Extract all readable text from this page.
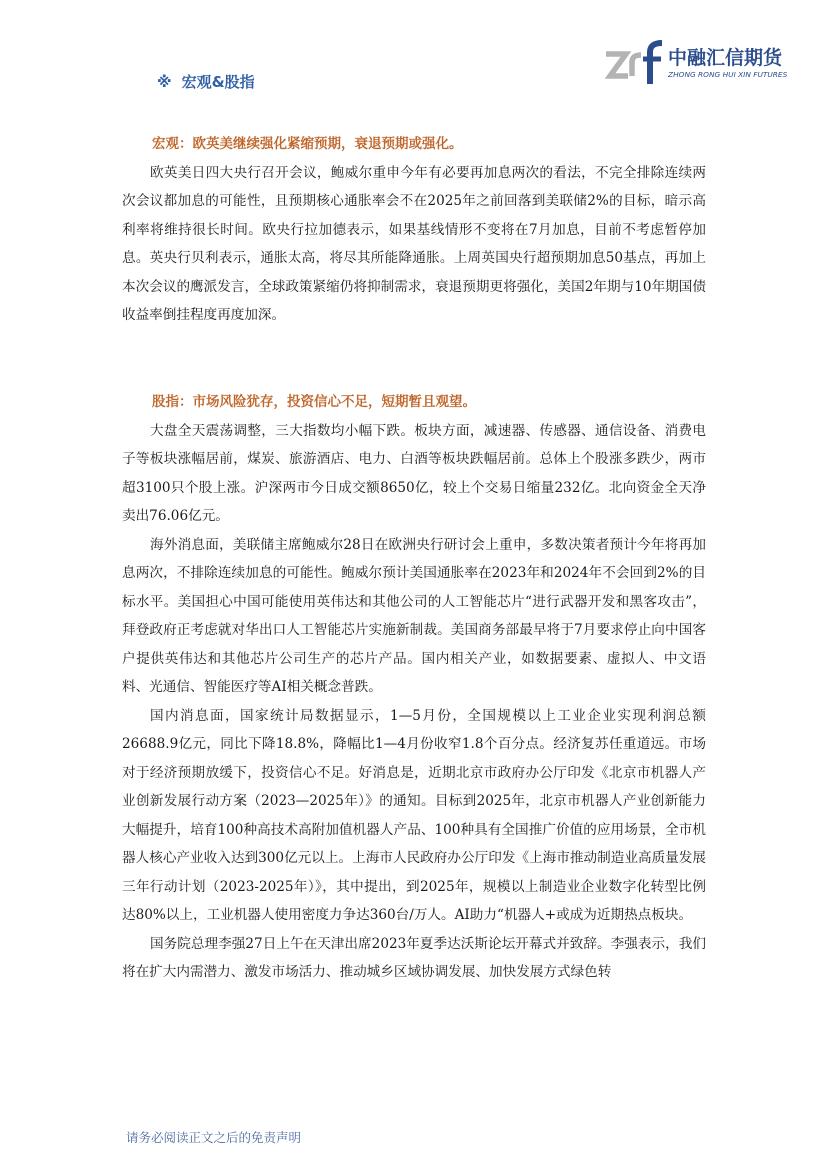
中融汇信期货
ZHONG RONG HUI XIN FUTURES
※ 宏观&股指

宏观：欧英美继续强化紧缩预期，衰退预期或强化。

欧英美日四大央行召开会议，鲍威尔重申今年有必要再加息两次的看法，不完全排除连续两次会议都加息的可能性，且预期核心通胀率会不在2025年之前回落到美联储2%的目标，暗示高利率将维持很长时间。欧央行拉加德表示，如果基线情形不变将在7月加息，目前不考虑暂停加息。英央行贝利表示，通胀太高，将尽其所能降通胀。上周英国央行超预期加息50基点，再加上本次会议的鹰派发言，全球政策紧缩仍将抑制需求，衰退预期更将强化，美国2年期与10年期国债收益率倒挂程度再度加深。

股指：市场风险犹存，投资信心不足，短期暂且观望。

大盘全天震荡调整，三大指数均小幅下跌。板块方面，减速器、传感器、通信设备、消费电子等板块涨幅居前，煤炭、旅游酒店、电力、白酒等板块跌幅居前。总体上个股涨多跌少，两市超3100只个股上涨。沪深两市今日成交额8650亿，较上个交易日缩量232亿。北向资金全天净卖出76.06亿元。

海外消息面，美联储主席鲍威尔28日在欧洲央行研讨会上重申，多数决策者预计今年将再加息两次，不排除连续加息的可能性。鲍威尔预计美国通胀率在2023年和2024年不会回到2%的目标水平。美国担心中国可能使用英伟达和其他公司的人工智能芯片“进行武器开发和黑客攻击”，拜登政府正考虑就对华出口人工智能芯片实施新制裁。美国商务部最早将于7月要求停止向中国客户提供英伟达和其他芯片公司生产的芯片产品。国内相关产业，如数据要素、虚拟人、中文语料、光通信、智能医疗等AI相关概念普跌。

国内消息面，国家统计局数据显示，1—5月份，全国规模以上工业企业实现利润总额26688.9亿元，同比下降18.8%，降幅比1—4月份收窄1.8个百分点。经济复苏任重道远。市场对于经济预期放缓下，投资信心不足。好消息是，近期北京市政府办公厅印发《北京市机器人产业创新发展行动方案（2023—2025年）》的通知。目标到2025年，北京市机器人产业创新能力大幅提升，培育100种高技术高附加值机器人产品、100种具有全国推广价值的应用场景，全市机器人核心产业收入达到300亿元以上。上海市人民政府办公厅印发《上海市推动制造业高质量发展三年行动计划（2023-2025年）》，其中提出，到2025年，规模以上制造业企业数字化转型比例达80%以上，工业机器人使用密度力争达360台/万人。AI助力“机器人+或成为近期热点板块。

国务院总理李强27日上午在天津出席2023年夏季达沃斯论坛开幕式并致辞。李强表示，我们将在扩大内需潜力、激发市场活力、推动城乡区域协调发展、加快发展方式绿色转

请务必阅读正文之后的免责声明
